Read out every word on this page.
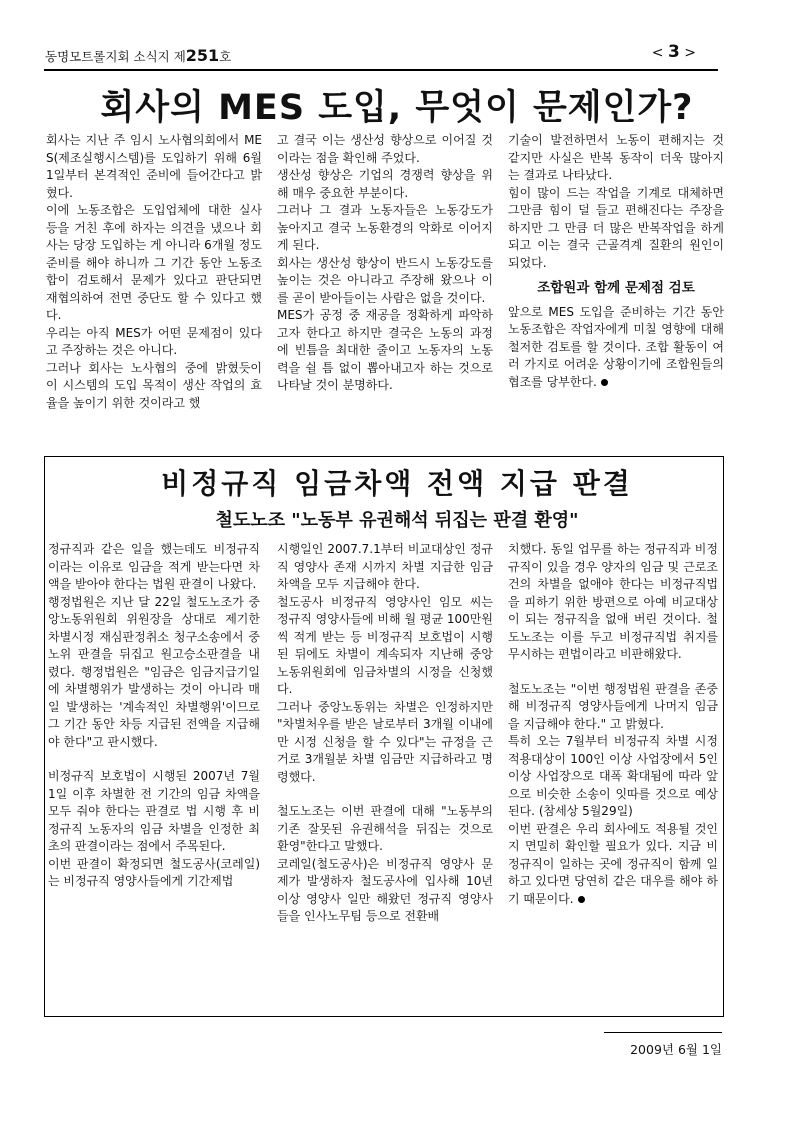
동명모트롤지회 소식지 제251호	< 3 >
회사의 MES 도입, 무엇이 문제인가?

회사는 지난 주 임시 노사협의회에서 MES(제조실행시스템)를 도입하기 위해 6월 1일부터 본격적인 준비에 들어간다고 밝혔다.

이에 노동조합은 도입업체에 대한 실사 등을 거친 후에 하자는 의견을 냈으나 회사는 당장 도입하는 게 아니라 6개월 정도 준비를 해야 하니까 그 기간 동안 노동조합이 검토해서 문제가 있다고 판단되면 재협의하여 전면 중단도 할 수 있다고 했다.

우리는 아직 MES가 어떤 문제점이 있다고 주장하는 것은 아니다.

그러나 회사는 노사협의 중에 밝혔듯이 이 시스템의 도입 목적이 생산 작업의 효율을 높이기 위한 것이라고 했

고 결국 이는 생산성 향상으로 이어질 것이라는 점을 확인해 주었다.

생산성 향상은 기업의 경쟁력 향상을 위해 매우 중요한 부분이다.

그러나 그 결과 노동자들은 노동강도가 높아지고 결국 노동환경의 악화로 이어지게 된다.

회사는 생산성 향상이 반드시 노동강도를 높이는 것은 아니라고 주장해 왔으나 이를 곧이 받아들이는 사람은 없을 것이다.

MES가 공정 중 재공을 정확하게 파악하고자 한다고 하지만 결국은 노동의 과정에 빈틈을 최대한 줄이고 노동자의 노동력을 쉴 틈 없이 뽑아내고자 하는 것으로 나타날 것이 분명하다.

기술이 발전하면서 노동이 편해지는 것 같지만 사실은 반복 동작이 더욱 많아지는 결과로 나타났다.

힘이 많이 드는 작업을 기계로 대체하면 그만큼 힘이 덜 들고 편해진다는 주장을 하지만 그 만큼 더 많은 반복작업을 하게 되고 이는 결국 근골격계 질환의 원인이 되었다.

조합원과 함께 문제점 검토

앞으로 MES 도입을 준비하는 기간 동안 노동조합은 작업자에게 미칠 영향에 대해 철저한 검토를 할 것이다. 조합 활동이 여러 가지로 어려운 상황이기에 조합원들의 협조를 당부한다.

비정규직 임금차액 전액 지급 판결
철도노조 "노동부 유권해석 뒤집는 판결 환영"

정규직과 같은 일을 했는데도 비정규직이라는 이유로 임금을 적게 받는다면 차액을 받아야 한다는 법원 판결이 나왔다.

행정법원은 지난 달 22일 철도노조가 중앙노동위원회 위원장을 상대로 제기한 차별시정 재심판정취소 청구소송에서 중노위 판결을 뒤집고 원고승소판결을 내렸다. 행정법원은 "임금은 임금지급기일에 차별행위가 발생하는 것이 아니라 매일 발생하는 '계속적인 차별행위'이므로 그 기간 동안 차등 지급된 전액을 지급해야 한다"고 판시했다.

비정규직 보호법이 시행된 2007년 7월 1일 이후 차별한 전 기간의 임금 차액을 모두 줘야 한다는 판결로 법 시행 후 비정규직 노동자의 임금 차별을 인정한 최초의 판결이라는 점에서 주목된다.

이번 판결이 확정되면 철도공사(코레일)는 비정규직 영양사들에게 기간제법

시행일인 2007.7.1부터 비교대상인 정규직 영양사 존재 시까지 차별 지급한 임금 차액을 모두 지급해야 한다.

철도공사 비정규직 영양사인 임모 씨는 정규직 영양사들에 비해 월 평균 100만원씩 적게 받는 등 비정규직 보호법이 시행된 뒤에도 차별이 계속되자 지난해 중앙노동위원회에 임금차별의 시정을 신청했다.

그러나 중앙노동위는 차별은 인정하지만 "차별처우를 받은 날로부터 3개월 이내에만 시정 신청을 할 수 있다"는 규정을 근거로 3개월분 차별 임금만 지급하라고 명령했다.

철도노조는 이번 판결에 대해 "노동부의 기존 잘못된 유권해석을 뒤집는 것으로 환영"한다고 말했다.

코레일(철도공사)은 비정규직 영양사 문제가 발생하자 철도공사에 입사해 10년 이상 영양사 일만 해왔던 정규직 영양사들을 인사노무팀 등으로 전환배

치했다. 동일 업무를 하는 정규직과 비정규직이 있을 경우 양자의 임금 및 근로조건의 차별을 없애야 한다는 비정규직법을 피하기 위한 방편으로 아예 비교대상이 되는 정규직을 없애 버린 것이다. 철도노조는 이를 두고 비정규직법 취지를 무시하는 편법이라고 비판해왔다.

철도노조는 "이번 행정법원 판결을 존중해 비정규직 영양사들에게 나머지 임금을 지급해야 한다." 고 밝혔다.

특히 오는 7월부터 비정규직 차별 시정 적용대상이 100인 이상 사업장에서 5인 이상 사업장으로 대폭 확대됨에 따라 앞으로 비슷한 소송이 잇따를 것으로 예상된다. (참세상 5월29일)

이번 판결은 우리 회사에도 적용될 것인지 면밀히 확인할 필요가 있다. 지금 비정규직이 일하는 곳에 정규직이 함께 일하고 있다면 당연히 같은 대우를 해야 하기 때문이다.

2009년 6월 1일
